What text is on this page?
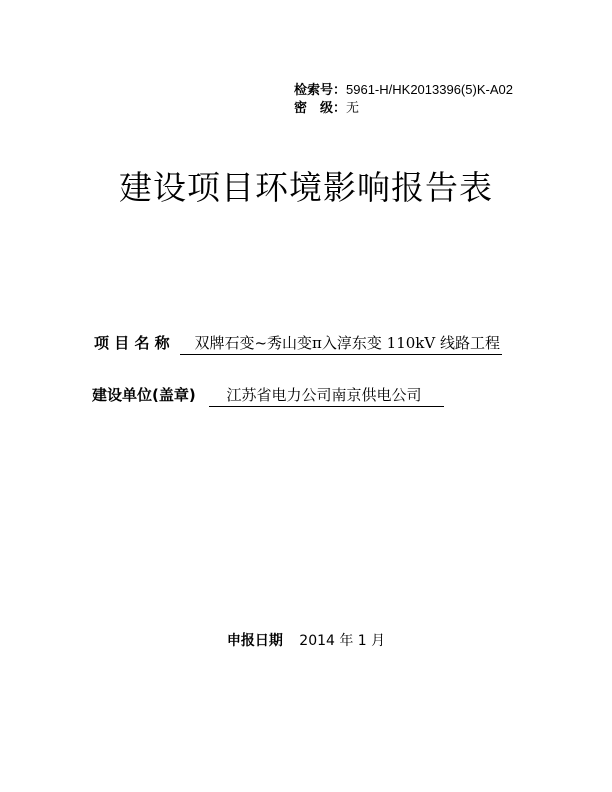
检索号：5961-H/HK2013396(5)K-A02
密　级：无
建设项目环境影响报告表
项 目 名 称 双牌石变~秀山变π入淳东变 110kV 线路工程
建设单位(盖章) 江苏省电力公司南京供电公司
申报日期 2014 年 1 月
